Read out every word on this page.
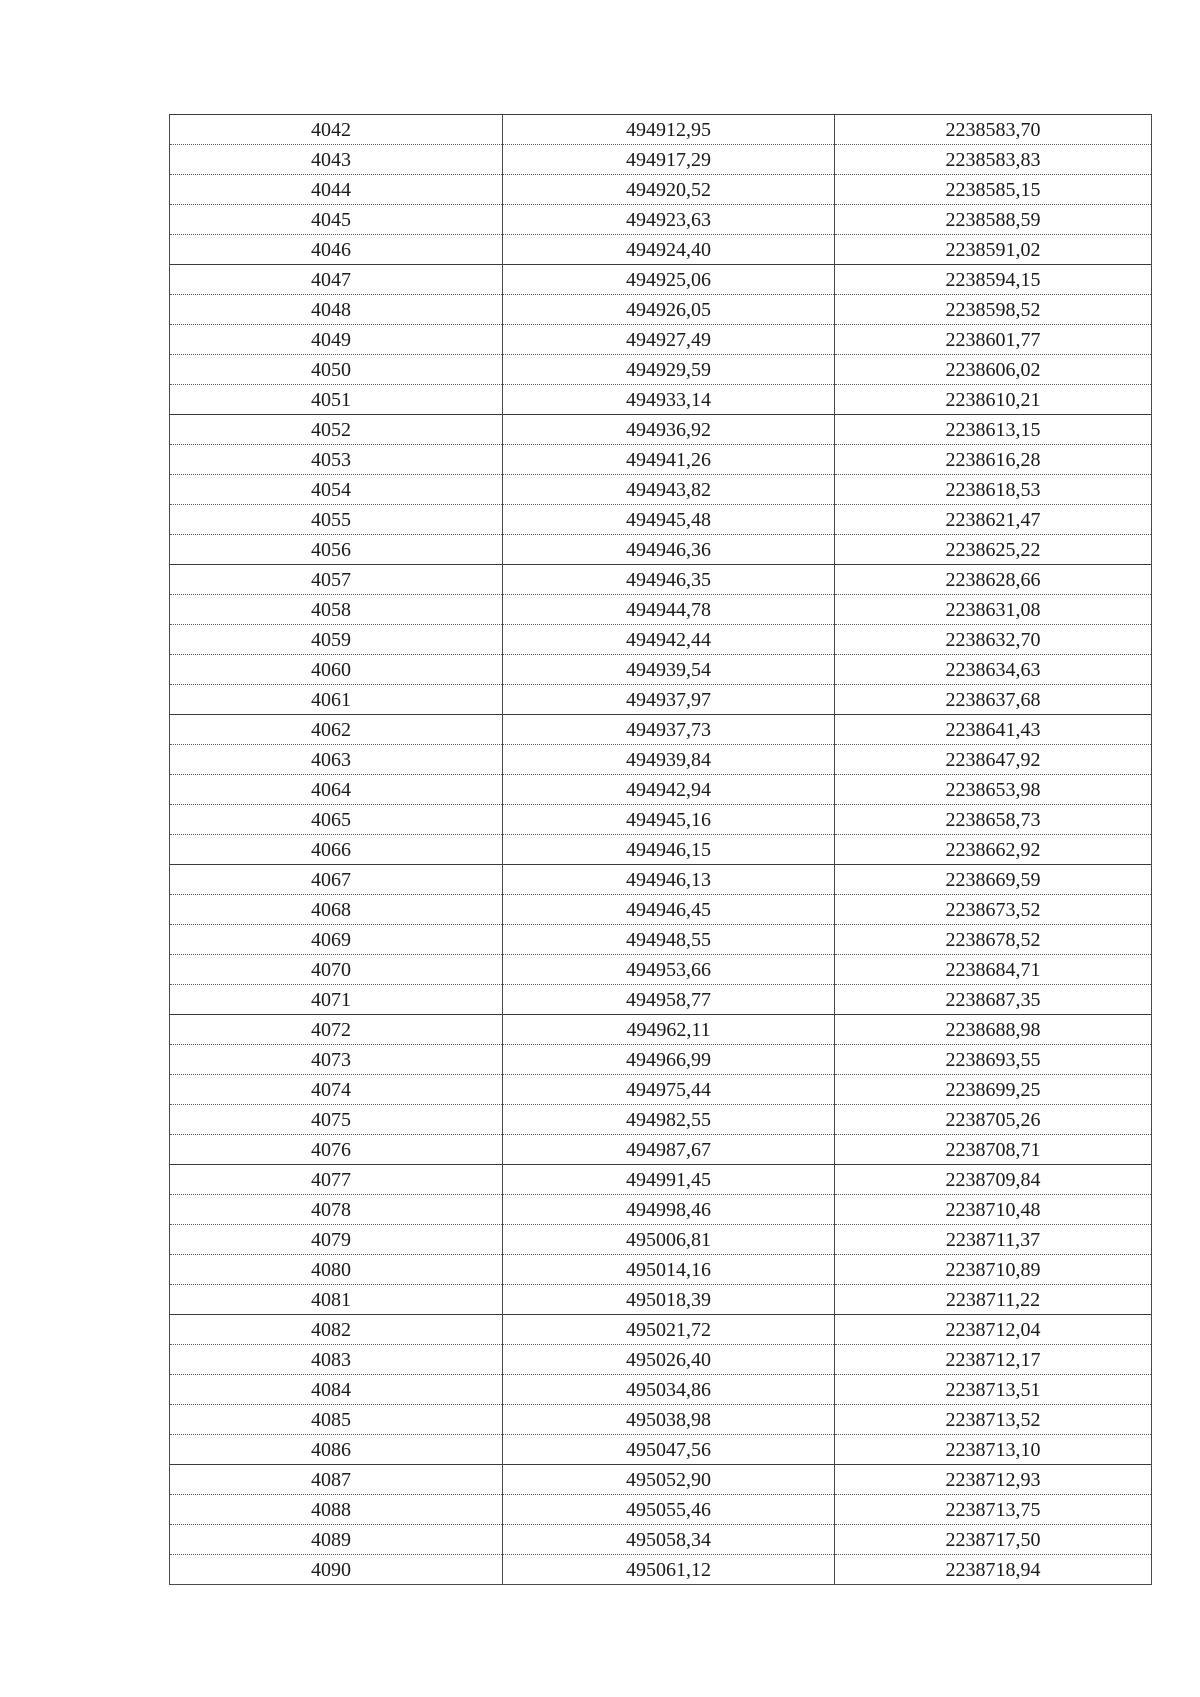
4042	494912,95	2238583,70
4043	494917,29	2238583,83
4044	494920,52	2238585,15
4045	494923,63	2238588,59
4046	494924,40	2238591,02
4047	494925,06	2238594,15
4048	494926,05	2238598,52
4049	494927,49	2238601,77
4050	494929,59	2238606,02
4051	494933,14	2238610,21
4052	494936,92	2238613,15
4053	494941,26	2238616,28
4054	494943,82	2238618,53
4055	494945,48	2238621,47
4056	494946,36	2238625,22
4057	494946,35	2238628,66
4058	494944,78	2238631,08
4059	494942,44	2238632,70
4060	494939,54	2238634,63
4061	494937,97	2238637,68
4062	494937,73	2238641,43
4063	494939,84	2238647,92
4064	494942,94	2238653,98
4065	494945,16	2238658,73
4066	494946,15	2238662,92
4067	494946,13	2238669,59
4068	494946,45	2238673,52
4069	494948,55	2238678,52
4070	494953,66	2238684,71
4071	494958,77	2238687,35
4072	494962,11	2238688,98
4073	494966,99	2238693,55
4074	494975,44	2238699,25
4075	494982,55	2238705,26
4076	494987,67	2238708,71
4077	494991,45	2238709,84
4078	494998,46	2238710,48
4079	495006,81	2238711,37
4080	495014,16	2238710,89
4081	495018,39	2238711,22
4082	495021,72	2238712,04
4083	495026,40	2238712,17
4084	495034,86	2238713,51
4085	495038,98	2238713,52
4086	495047,56	2238713,10
4087	495052,90	2238712,93
4088	495055,46	2238713,75
4089	495058,34	2238717,50
4090	495061,12	2238718,94
